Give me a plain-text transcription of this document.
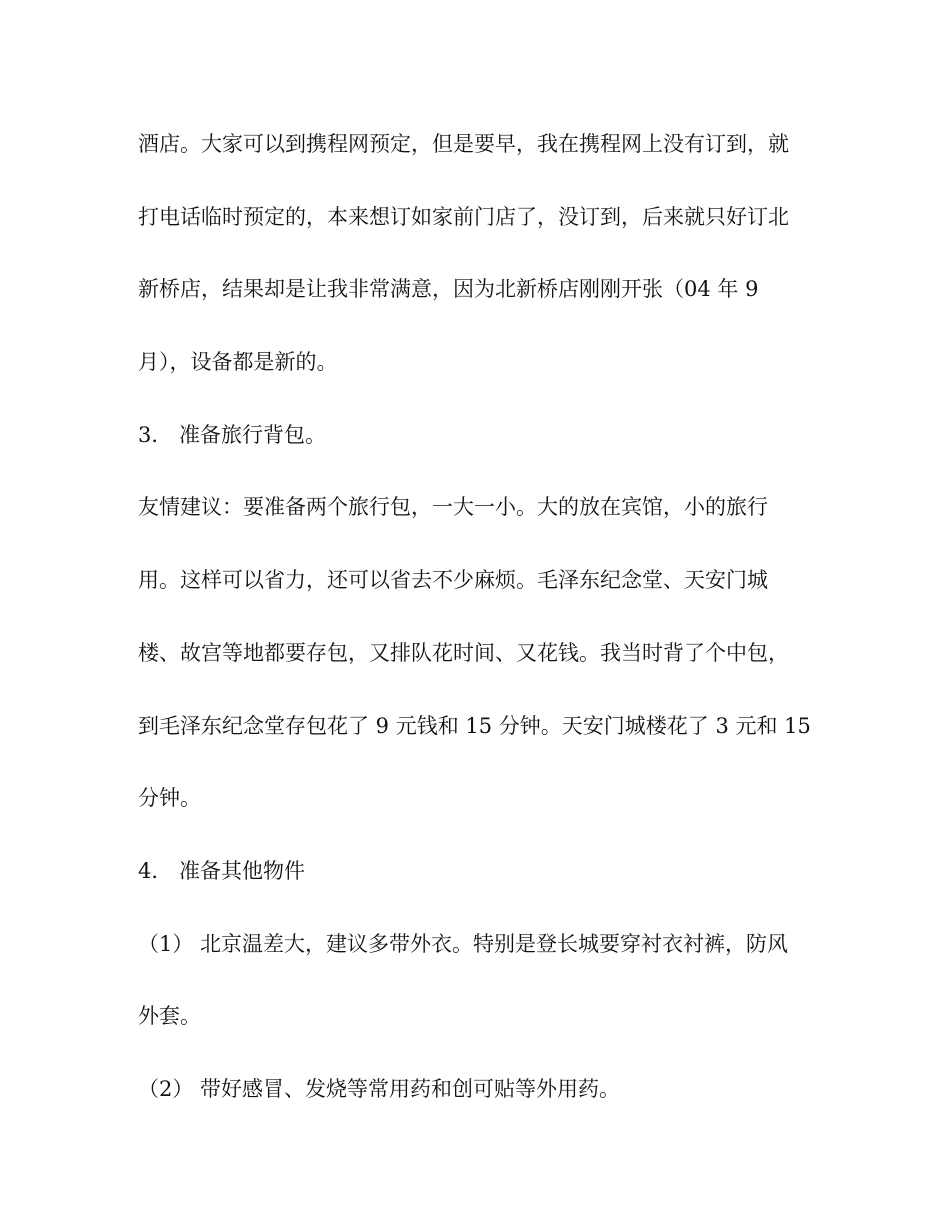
酒店。大家可以到携程网预定，但是要早，我在携程网上没有订到，就
打电话临时预定的，本来想订如家前门店了，没订到，后来就只好订北
新桥店，结果却是让我非常满意，因为北新桥店刚刚开张（04 年 9
月），设备都是新的。
3． 准备旅行背包。
友情建议：要准备两个旅行包，一大一小。大的放在宾馆，小的旅行
用。这样可以省力，还可以省去不少麻烦。毛泽东纪念堂、天安门城
楼、故宫等地都要存包，又排队花时间、又花钱。我当时背了个中包，
到毛泽东纪念堂存包花了 9 元钱和 15 分钟。天安门城楼花了 3 元和 15
分钟。
4． 准备其他物件
（1） 北京温差大，建议多带外衣。特别是登长城要穿衬衣衬裤，防风
外套。
（2） 带好感冒、发烧等常用药和创可贴等外用药。
